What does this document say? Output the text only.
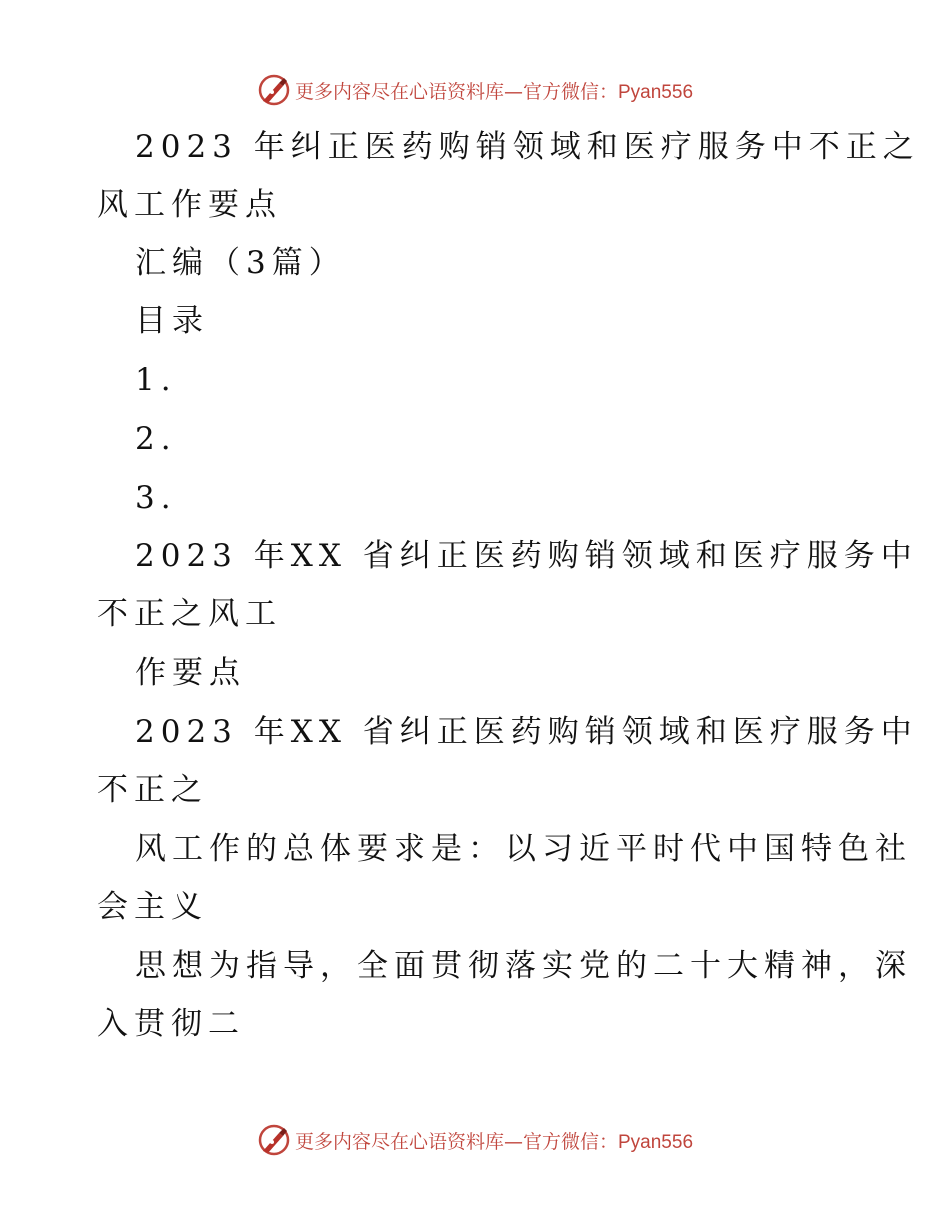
更多内容尽在心语资料库—官方微信：Pyan556
2023 年纠正医药购销领域和医疗服务中不正之
风工作要点
汇编（3篇）
目录
1.
2.
3.
2023 年XX 省纠正医药购销领域和医疗服务中
不正之风工
作要点
2023 年XX 省纠正医药购销领域和医疗服务中
不正之
风工作的总体要求是：以习近平时代中国特色社
会主义
思想为指导，全面贯彻落实党的二十大精神，深
入贯彻二
更多内容尽在心语资料库—官方微信：Pyan556
